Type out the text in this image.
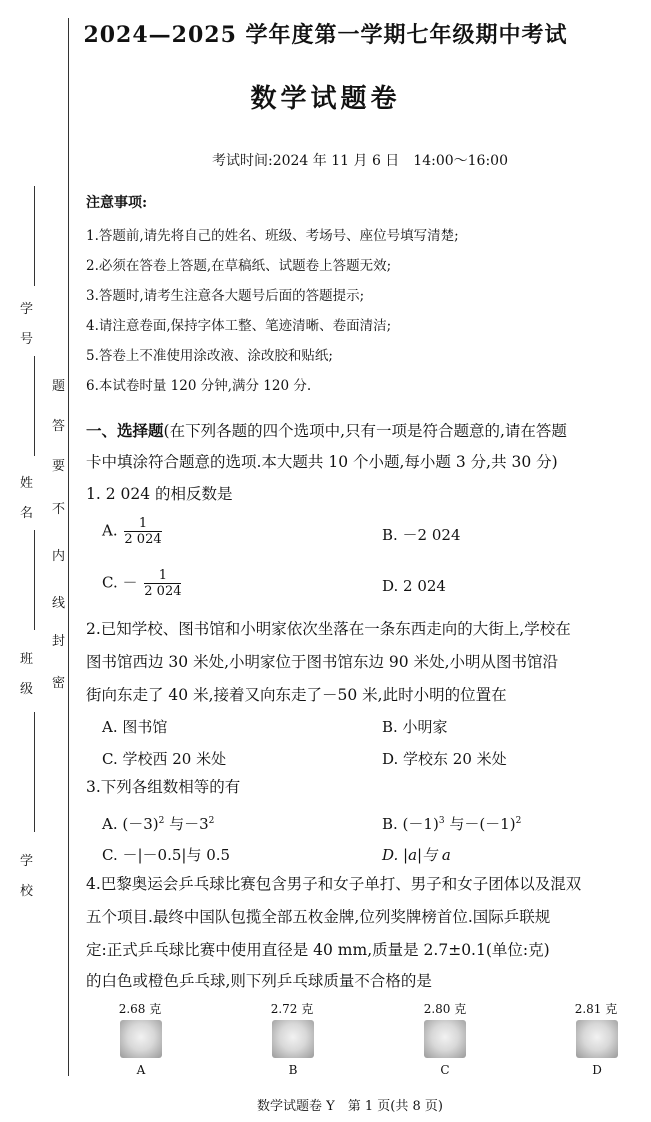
学
号
姓
名
班
级
学
校
题
答
要
不
内
线
封
密
2024—2025 学年度第一学期七年级期中考试
数学试题卷
考试时间:2024 年 11 月 6 日　14:00～16:00
注意事项:
1.答题前,请先将自己的姓名、班级、考场号、座位号填写清楚;
2.必须在答卷上答题,在草稿纸、试题卷上答题无效;
3.答题时,请考生注意各大题号后面的答题提示;
4.请注意卷面,保持字体工整、笔迹清晰、卷面清洁;
5.答卷上不准使用涂改液、涂改胶和贴纸;
6.本试卷时量 120 分钟,满分 120 分.
一、选择题(在下列各题的四个选项中,只有一项是符合题意的,请在答题
卡中填涂符合题意的选项.本大题共 10 个小题,每小题 3 分,共 30 分)
1. 2 024 的相反数是
A. $\frac{1}{2 024}$	B. －2 024
C. － $\frac{1}{2 024}$	D. 2 024
2.已知学校、图书馆和小明家依次坐落在一条东西走向的大街上,学校在
图书馆西边 30 米处,小明家位于图书馆东边 90 米处,小明从图书馆沿
街向东走了 40 米,接着又向东走了－50 米,此时小明的位置在
A. 图书馆	B. 小明家
C. 学校西 20 米处	D. 学校东 20 米处
3.下列各组数相等的有
A. $(-3)^2$ 与$-3^2$	B. $(-1)^3$ 与$-(-1)^2$
C. －|－0.5|与 0.5	D. |a|与 a
4.巴黎奥运会乒乓球比赛包含男子和女子单打、男子和女子团体以及混双
五个项目.最终中国队包揽全部五枚金牌,位列奖牌榜首位.国际乒联规
定:正式乒乓球比赛中使用直径是 40 mm,质量是 2.7±0.1(单位:克)
的白色或橙色乒乓球,则下列乒乓球质量不合格的是
2.68 克
A
2.72 克
B
2.80 克
C
2.81 克
D
数学试题卷 Y　第 1 页(共 8 页)
